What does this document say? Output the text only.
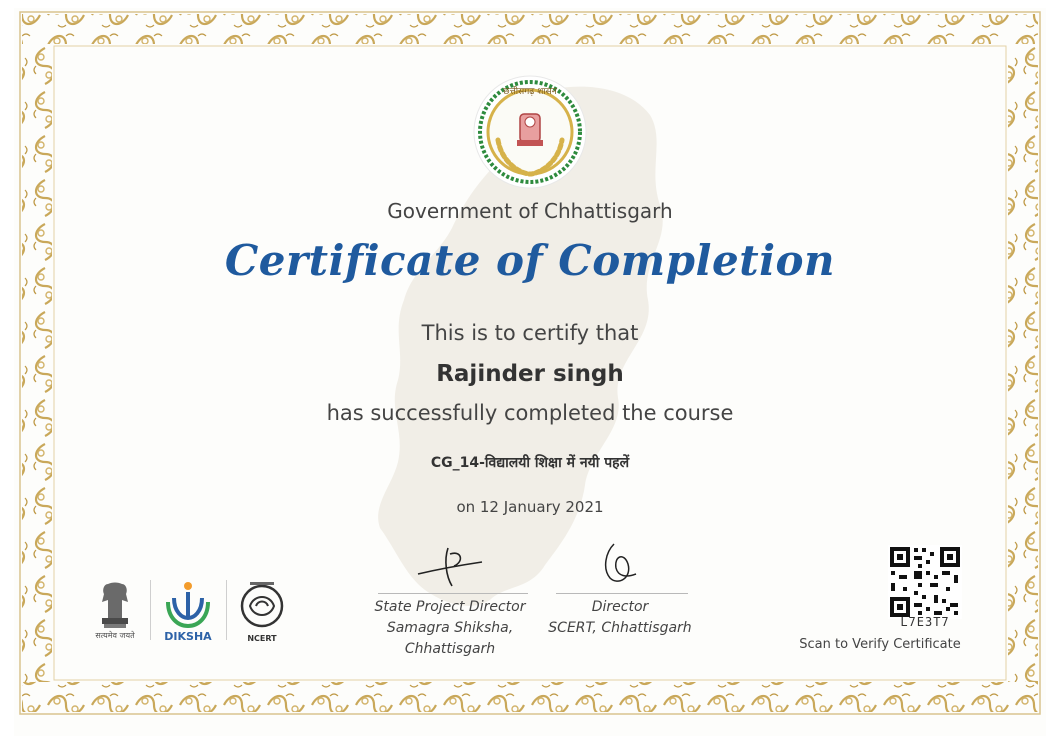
छत्तीसगढ़ शासन
Government of Chhattisgarh
Certificate of Completion
This is to certify that
Rajinder singh
has successfully completed the course
CG_14-विद्यालयी शिक्षा में नयी पहलें
on 12 January 2021
State Project Director
Samagra Shiksha,
Chhattisgarh
Director
SCERT, Chhattisgarh
सत्यमेव जयते	DIKSHA	NCERT
L7E3T7
Scan to Verify Certificate
